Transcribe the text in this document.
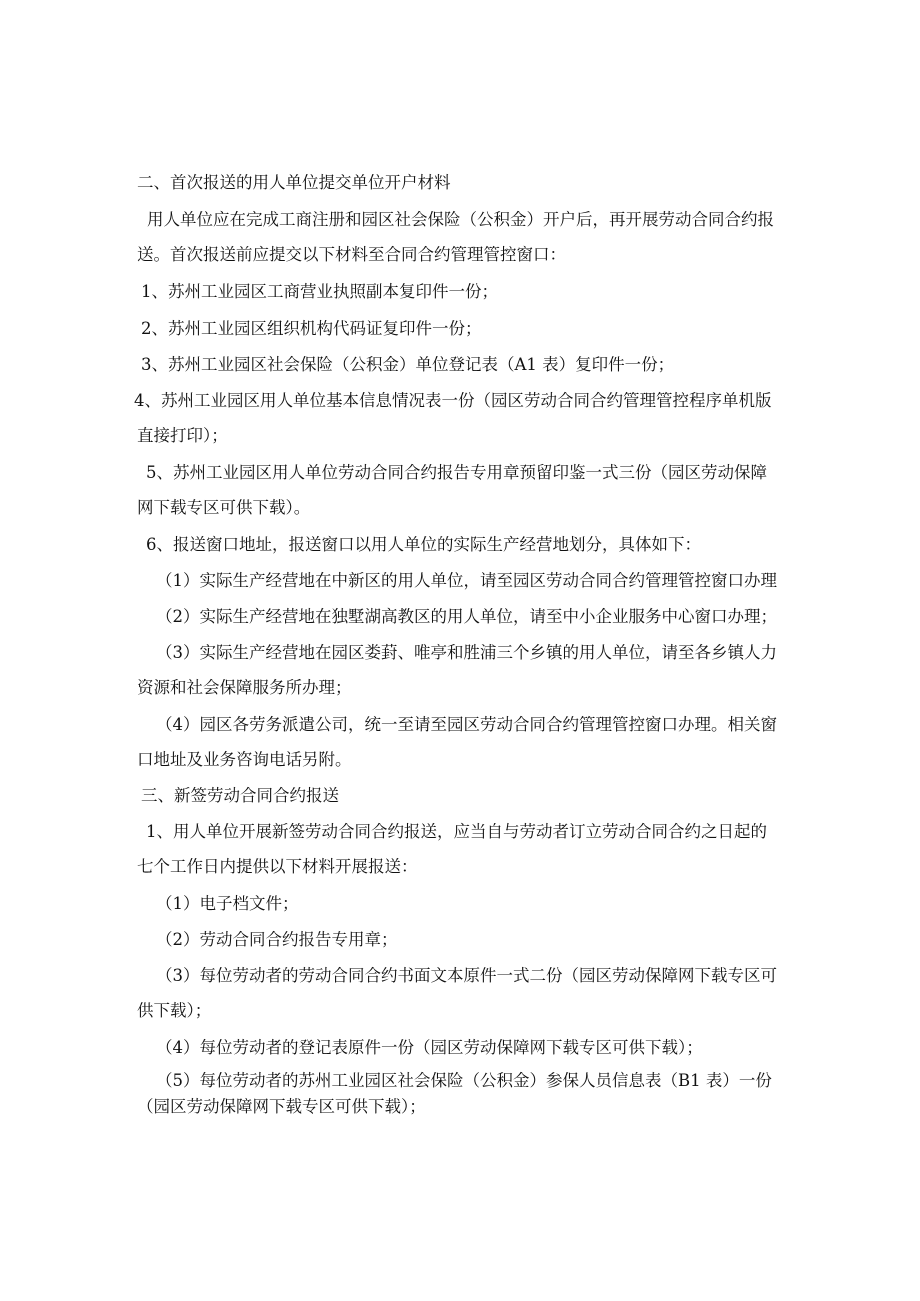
二、首次报送的用人单位提交单位开户材料
用人单位应在完成工商注册和园区社会保险（公积金）开户后，再开展劳动合同合约报
送。首次报送前应提交以下材料至合同合约管理管控窗口：
1、苏州工业园区工商营业执照副本复印件一份；
2、苏州工业园区组织机构代码证复印件一份；
3、苏州工业园区社会保险（公积金）单位登记表（A1 表）复印件一份；
4、苏州工业园区用人单位基本信息情况表一份（园区劳动合同合约管理管控程序单机版
直接打印）；
5、苏州工业园区用人单位劳动合同合约报告专用章预留印鉴一式三份（园区劳动保障
网下载专区可供下载）。
6、报送窗口地址，报送窗口以用人单位的实际生产经营地划分，具体如下：
（1）实际生产经营地在中新区的用人单位，请至园区劳动合同合约管理管控窗口办理
（2）实际生产经营地在独墅湖高教区的用人单位，请至中小企业服务中心窗口办理；
（3）实际生产经营地在园区娄葑、唯亭和胜浦三个乡镇的用人单位，请至各乡镇人力
资源和社会保障服务所办理；
（4）园区各劳务派遣公司，统一至请至园区劳动合同合约管理管控窗口办理。相关窗
口地址及业务咨询电话另附。
三、新签劳动合同合约报送
1、用人单位开展新签劳动合同合约报送，应当自与劳动者订立劳动合同合约之日起的
七个工作日内提供以下材料开展报送：
（1）电子档文件；
（2）劳动合同合约报告专用章；
（3）每位劳动者的劳动合同合约书面文本原件一式二份（园区劳动保障网下载专区可
供下载）；
（4）每位劳动者的登记表原件一份（园区劳动保障网下载专区可供下载）；
（5）每位劳动者的苏州工业园区社会保险（公积金）参保人员信息表（B1 表）一份
（园区劳动保障网下载专区可供下载）；
